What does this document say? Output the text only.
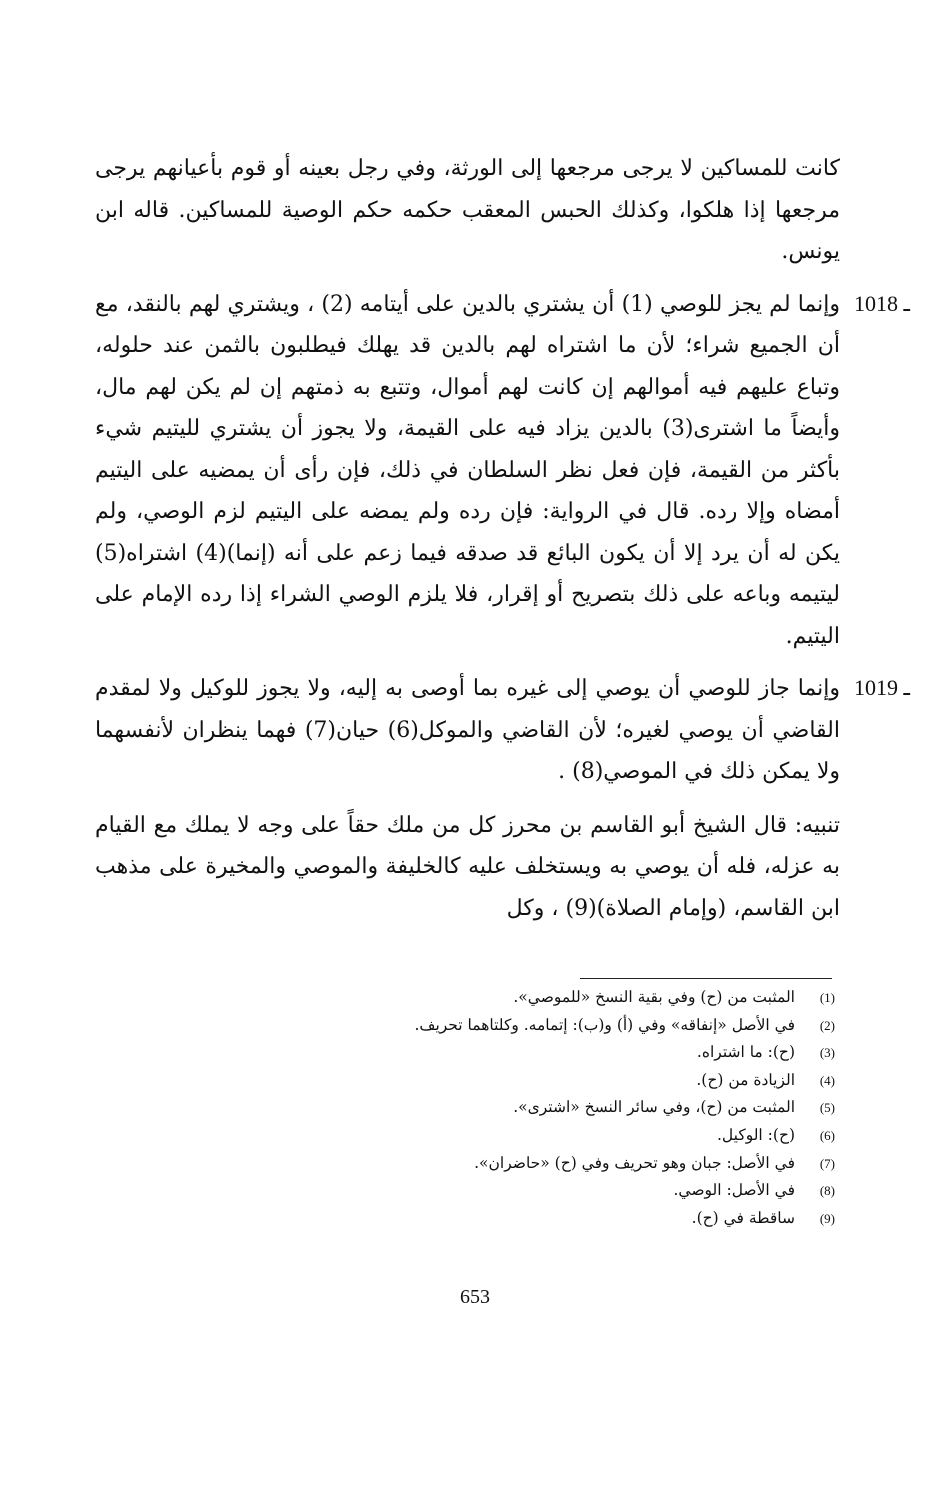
كانت للمساكين لا يرجى مرجعها إلى الورثة، وفي رجل بعينه أو قوم بأعيانهم يرجى مرجعها إذا هلكوا، وكذلك الحبس المعقب حكمه حكم الوصية للمساكين. قاله ابن يونس.

1018 ـوإنما لم يجز للوصي (1) أن يشتري بالدين على أيتامه (2) ، ويشتري لهم بالنقد، مع أن الجميع شراء؛ لأن ما اشتراه لهم بالدين قد يهلك فيطلبون بالثمن عند حلوله، وتباع عليهم فيه أموالهم إن كانت لهم أموال، وتتبع به ذمتهم إن لم يكن لهم مال، وأيضاً ما اشترى(3) بالدين يزاد فيه على القيمة، ولا يجوز أن يشتري لليتيم شيء بأكثر من القيمة، فإن فعل نظر السلطان في ذلك، فإن رأى أن يمضيه على اليتيم أمضاه وإلا رده. قال في الرواية: فإن رده ولم يمضه على اليتيم لزم الوصي، ولم يكن له أن يرد إلا أن يكون البائع قد صدقه فيما زعم على أنه (إنما)(4) اشتراه(5) ليتيمه وباعه على ذلك بتصريح أو إقرار، فلا يلزم الوصي الشراء إذا رده الإمام على اليتيم.

1019 ـوإنما جاز للوصي أن يوصي إلى غيره بما أوصى به إليه، ولا يجوز للوكيل ولا لمقدم القاضي أن يوصي لغيره؛ لأن القاضي والموكل(6) حيان(7) فهما ينظران لأنفسهما ولا يمكن ذلك في الموصي(8) .

تنبيه: قال الشيخ أبو القاسم بن محرز كل من ملك حقاً على وجه لا يملك مع القيام به عزله، فله أن يوصي به ويستخلف عليه كالخليفة والموصي والمخيرة على مذهب ابن القاسم، (وإمام الصلاة)(9) ، وكل

(1)المثبت من (ح) وفي بقية النسخ «للموصي».

(2)في الأصل «إنفاقه» وفي (أ) و(ب): إتمامه. وكلتاهما تحريف.

(3)(ح): ما اشتراه.

(4)الزيادة من (ح).

(5)المثبت من (ح)، وفي سائر النسخ «اشترى».

(6)(ح): الوكيل.

(7)في الأصل: جبان وهو تحريف وفي (ح) «حاضران».

(8)في الأصل: الوصي.

(9)ساقطة في (ح).

653
